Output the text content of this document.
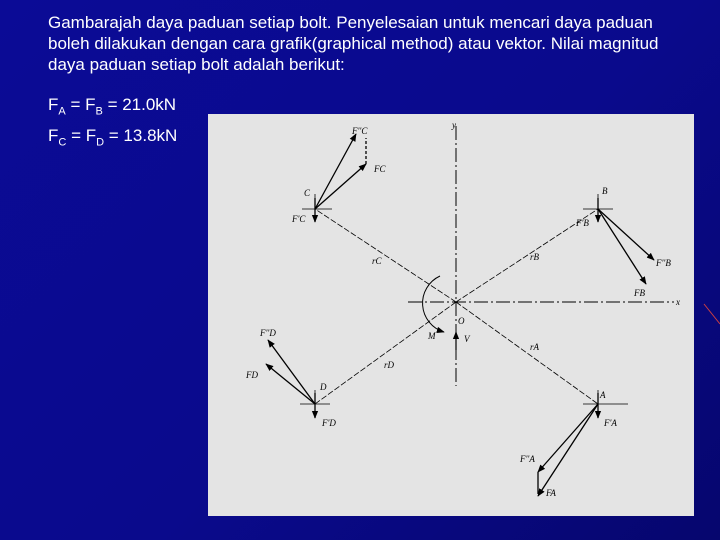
Gambarajah daya paduan setiap bolt. Penyelesaian untuk mencari daya paduan boleh dilakukan dengan cara grafik(graphical method) atau vektor. Nilai magnitud daya paduan setiap bolt adalah berikut:

$F_A = F_B = 21.0kN$

$F_C = F_D = 13.8kN$

y
x
O
M	V
C	B
D
A
rC	rB
rD
rA
F''C
FC
F'C	F'B
F''B
FB
F''D
FD
F'D	F'A
F''A
FA
